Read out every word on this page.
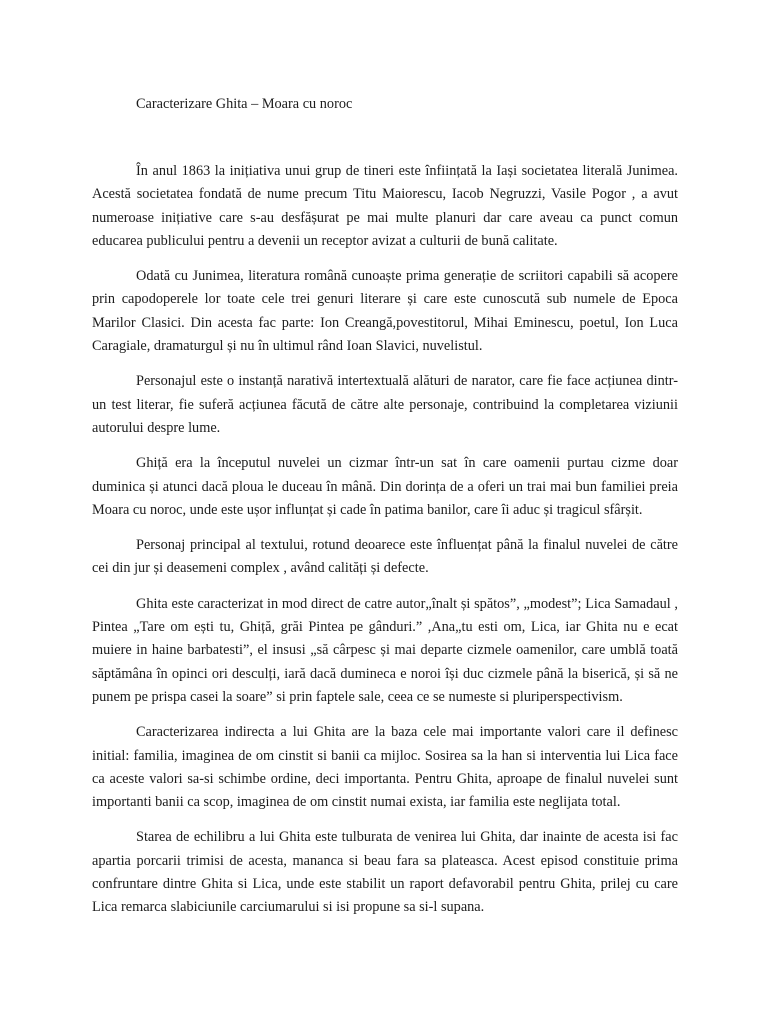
Caracterizare Ghita – Moara cu noroc

În anul 1863 la inițiativa unui grup de tineri este înființată la Iași societatea literală Junimea. Acestă societatea fondată de nume precum Titu Maiorescu, Iacob Negruzzi, Vasile Pogor , a avut numeroase inițiative care s-au desfășurat pe mai multe planuri dar care aveau ca punct comun educarea publicului pentru a devenii un receptor avizat a culturii de bună calitate.

Odată cu Junimea, literatura română cunoaște prima generație de scriitori capabili să acopere prin capodoperele lor toate cele trei genuri literare și care este cunoscută sub numele de Epoca Marilor Clasici. Din acesta fac parte: Ion Creangă,povestitorul, Mihai Eminescu, poetul, Ion Luca Caragiale, dramaturgul și nu în ultimul rând Ioan Slavici, nuvelistul.

Personajul este o instanță narativă intertextuală alături de narator, care fie face acțiunea dintr-un test literar, fie suferă acțiunea făcută de către alte personaje, contribuind la completarea viziunii autorului despre lume.

Ghiță era la începutul nuvelei un cizmar într-un sat în care oamenii purtau cizme doar duminica și atunci dacă ploua le duceau în mână. Din dorința de a oferi un trai mai bun familiei preia Moara cu noroc, unde este ușor influnțat și cade în patima banilor, care îi aduc și tragicul sfârșit.

Personaj principal al textului, rotund deoarece este înfluențat până la finalul nuvelei de către cei din jur și deasemeni complex , având calități și defecte.

Ghita este caracterizat in mod direct de catre autor„înalt și spătos”, „modest”; Lica Samadaul , Pintea „Tare om ești tu, Ghiță, grăi Pintea pe gânduri.” ,Ana„tu esti om, Lica, iar Ghita nu e ecat muiere in haine barbatesti”, el insusi „să cârpesc și mai departe cizmele oamenilor, care umblă toată săptămâna în opinci ori desculți, iară dacă dumineca e noroi își duc cizmele până la biserică, și să ne punem pe prispa casei la soare” si prin faptele sale, ceea ce se numeste si pluriperspectivism.

Caracterizarea indirecta a lui Ghita are la baza cele mai importante valori care il definesc initial: familia, imaginea de om cinstit si banii ca mijloc. Sosirea sa la han si interventia lui Lica face ca aceste valori sa-si schimbe ordine, deci importanta. Pentru Ghita, aproape de finalul nuvelei sunt importanti banii ca scop, imaginea de om cinstit numai exista, iar familia este neglijata total.

Starea de echilibru a lui Ghita este tulburata de venirea lui Ghita, dar inainte de acesta isi fac apartia porcarii trimisi de acesta, mananca si beau fara sa plateasca. Acest episod constituie prima confruntare dintre Ghita si Lica, unde este stabilit un raport defavorabil pentru Ghita, prilej cu care Lica remarca slabiciunile carciumarului si isi propune sa si-l supana.
